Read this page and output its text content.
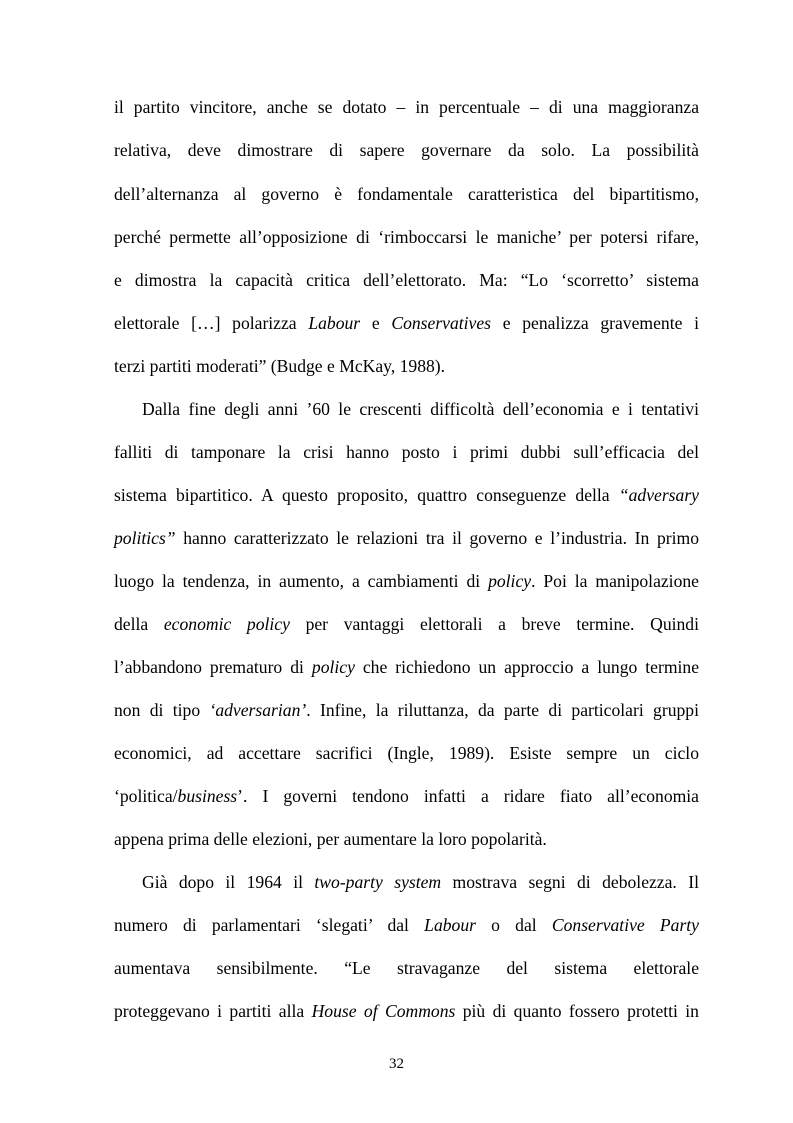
il partito vincitore, anche se dotato – in percentuale – di una maggioranza
relativa, deve dimostrare di sapere governare da solo. La possibilità
dell’alternanza al governo è fondamentale caratteristica del bipartitismo,
perché permette all’opposizione di ‘rimboccarsi le maniche’ per potersi rifare,
e dimostra la capacità critica dell’elettorato. Ma: “Lo ‘scorretto’ sistema
elettorale […] polarizza Labour e Conservatives e penalizza gravemente i
terzi partiti moderati” (Budge e McKay, 1988).
Dalla fine degli anni ’60 le crescenti difficoltà dell’economia e i tentativi
falliti di tamponare la crisi hanno posto i primi dubbi sull’efficacia del
sistema bipartitico. A questo proposito, quattro conseguenze della “adversary
politics” hanno caratterizzato le relazioni tra il governo e l’industria. In primo
luogo la tendenza, in aumento, a cambiamenti di policy. Poi la manipolazione
della economic policy per vantaggi elettorali a breve termine. Quindi
l’abbandono prematuro di policy che richiedono un approccio a lungo termine
non di tipo ‘adversarian’. Infine, la riluttanza, da parte di particolari gruppi
economici, ad accettare sacrifici (Ingle, 1989). Esiste sempre un ciclo
‘politica/business’. I governi tendono infatti a ridare fiato all’economia
appena prima delle elezioni, per aumentare la loro popolarità.
Già dopo il 1964 il two-party system mostrava segni di debolezza. Il
numero di parlamentari ‘slegati’ dal Labour o dal Conservative Party
aumentava sensibilmente. “Le stravaganze del sistema elettorale
proteggevano i partiti alla House of Commons più di quanto fossero protetti in
32
